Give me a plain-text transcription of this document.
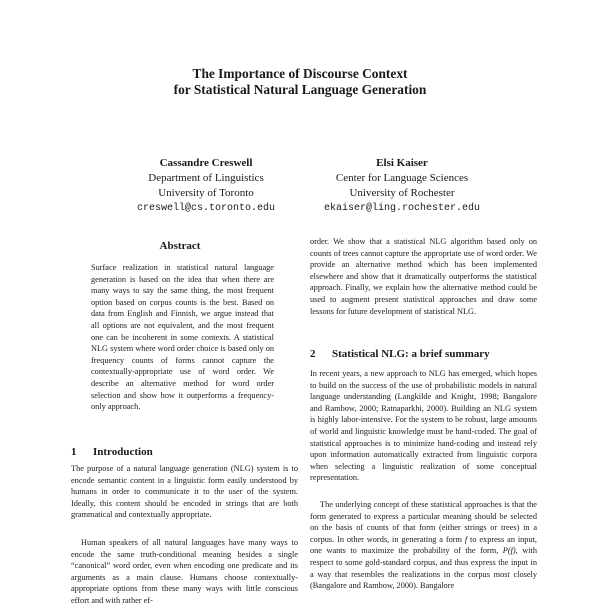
The Importance of Discourse Context
for Statistical Natural Language Generation
Cassandre Creswell
Department of Linguistics
University of Toronto
creswell@cs.toronto.edu
Elsi Kaiser
Center for Language Sciences
University of Rochester
ekaiser@ling.rochester.edu
Abstract

Surface realization in statistical natural language generation is based on the idea that when there are many ways to say the same thing, the most frequent option based on corpus counts is the best. Based on data from English and Finnish, we argue instead that all options are not equivalent, and the most frequent one can be incoherent in some contexts. A statistical NLG system where word order choice is based only on frequency counts of forms cannot capture the contextually-appropriate use of word order. We describe an alternative method for word order selection and show how it outperforms a frequency-only approach.

1 Introduction

The purpose of a natural language generation (NLG) system is to encode semantic content in a linguistic form easily understood by humans in order to communicate it to the user of the system. Ideally, this content should be encoded in strings that are both grammatical and contextually appropriate.

Human speakers of all natural languages have many ways to encode the same truth-conditional meaning besides a single “canonical” word order, even when encoding one predicate and its arguments as a main clause. Humans choose contextually-appropriate options from these many ways with little conscious effort and with rather ef-

order. We show that a statistical NLG algorithm based only on counts of trees cannot capture the appropriate use of word order. We provide an alternative method which has been implemented elsewhere and show that it dramatically outperforms the statistical approach. Finally, we explain how the alternative method could be used to augment present statistical approaches and draw some lessons for future development of statistical NLG.

2 Statistical NLG: a brief summary

In recent years, a new approach to NLG has emerged, which hopes to build on the success of the use of probabilistic models in natural language understanding (Langkilde and Knight, 1998; Bangalore and Rambow, 2000; Ratnaparkhi, 2000). Building an NLG system is highly labor-intensive. For the system to be robust, large amounts of world and linguistic knowledge must be hand-coded. The goal of statistical approaches is to minimize hand-coding and instead rely upon information automatically extracted from linguistic corpora when selecting a linguistic realization of some conceptual representation.

The underlying concept of these statistical approaches is that the form generated to express a particular meaning should be selected on the basis of counts of that form (either strings or trees) in a corpus. In other words, in generating a form f to express an input, one wants to maximize the probability of the form, P(f), with respect to some gold-standard corpus, and thus express the input in a way that resembles the realizations in the corpus most closely (Bangalore and Rambow, 2000). Bangalore
